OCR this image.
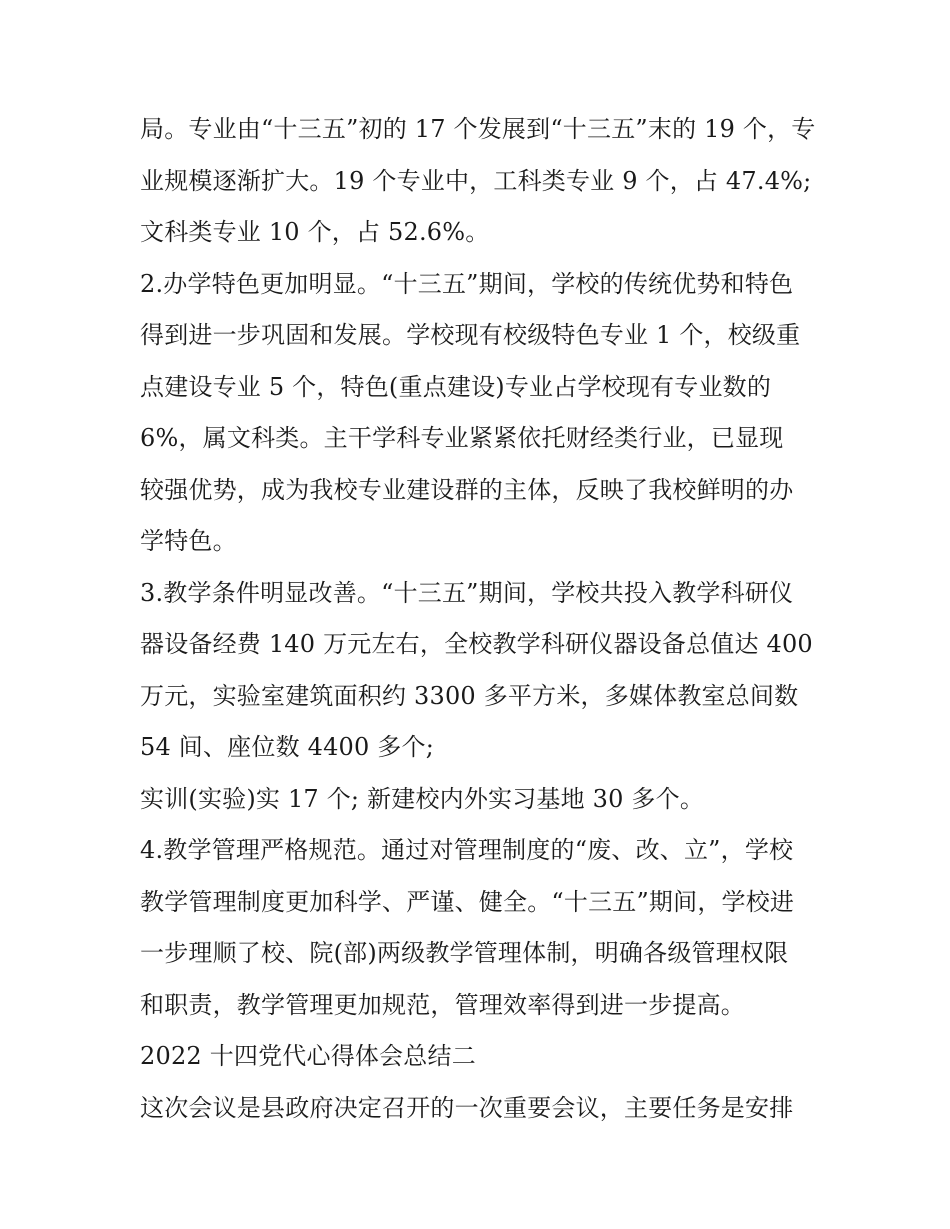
局。专业由“十三五”初的 17 个发展到“十三五”末的 19 个，专
业规模逐渐扩大。19 个专业中，工科类专业 9 个，占 47.4%;
文科类专业 10 个，占 52.6%。
2.办学特色更加明显。“十三五”期间，学校的传统优势和特色
得到进一步巩固和发展。学校现有校级特色专业 1 个，校级重
点建设专业 5 个，特色(重点建设)专业占学校现有专业数的
6%，属文科类。主干学科专业紧紧依托财经类行业，已显现
较强优势，成为我校专业建设群的主体，反映了我校鲜明的办
学特色。
3.教学条件明显改善。“十三五”期间，学校共投入教学科研仪
器设备经费 140 万元左右，全校教学科研仪器设备总值达 400
万元，实验室建筑面积约 3300 多平方米，多媒体教室总间数
54 间、座位数 4400 多个;
实训(实验)实 17 个; 新建校内外实习基地 30 多个。
4.教学管理严格规范。通过对管理制度的“废、改、立”，学校
教学管理制度更加科学、严谨、健全。“十三五”期间，学校进
一步理顺了校、院(部)两级教学管理体制，明确各级管理权限
和职责，教学管理更加规范，管理效率得到进一步提高。
2022 十四党代心得体会总结二
这次会议是县政府决定召开的一次重要会议，主要任务是安排
